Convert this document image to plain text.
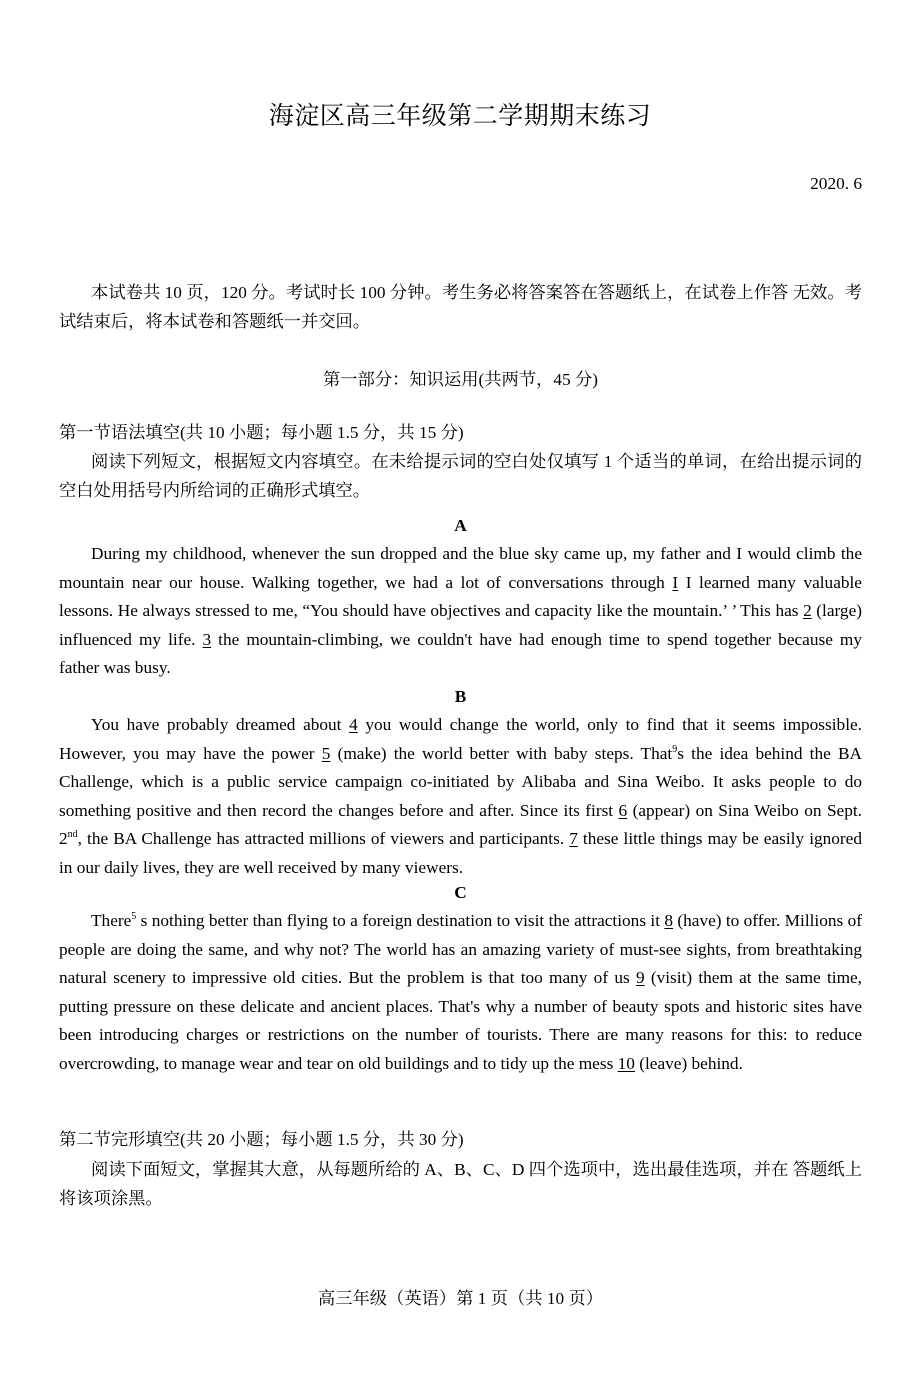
海淀区高三年级第二学期期末练习
2020. 6
本试卷共 10 页，120 分。考试时长 100 分钟。考生务必将答案答在答题纸上，在试卷上作答 无效。考试结束后，将本试卷和答题纸一并交回。
第一部分：知识运用(共两节，45 分)
第一节语法填空(共 10 小题；每小题 1.5 分，共 15 分)
阅读下列短文，根据短文内容填空。在未给提示词的空白处仅填写 1 个适当的单词，在给出提示词的空白处用括号内所给词的正确形式填空。
A
During my childhood, whenever the sun dropped and the blue sky came up, my father and I would climb the mountain near our house. Walking together, we had a lot of conversations through I I learned many valuable lessons. He always stressed to me, “You should have objectives and capacity like the mountain.’ ’ This has 2 (large) influenced my life. 3 the mountain-climbing, we couldn't have had enough time to spend together because my father was busy.
B
You have probably dreamed about 4 you would change the world, only to find that it seems impossible. However, you may have the power 5 (make) the world better with baby steps. That$^9$s the idea behind the BA Challenge, which is a public service campaign co-initiated by Alibaba and Sina Weibo. It asks people to do something positive and then record the changes before and after. Since its first 6 (appear) on Sina Weibo on Sept. 2nd, the BA Challenge has attracted millions of viewers and participants. 7 these little things may be easily ignored in our daily lives, they are well received by many viewers.
C
There$^5$ s nothing better than flying to a foreign destination to visit the attractions it 8 (have) to offer. Millions of people are doing the same, and why not? The world has an amazing variety of must-see sights, from breathtaking natural scenery to impressive old cities. But the problem is that too many of us 9 (visit) them at the same time, putting pressure on these delicate and ancient places. That's why a number of beauty spots and historic sites have been introducing charges or restrictions on the number of tourists. There are many reasons for this: to reduce overcrowding, to manage wear and tear on old buildings and to tidy up the mess 10 (leave) behind.
第二节完形填空(共 20 小题；每小题 1.5 分，共 30 分)
阅读下面短文，掌握其大意，从每题所给的 A、B、C、D 四个选项中，选出最佳选项，并在 答题纸上将该项涂黑。
高三年级（英语）第 1 页（共 10 页）
